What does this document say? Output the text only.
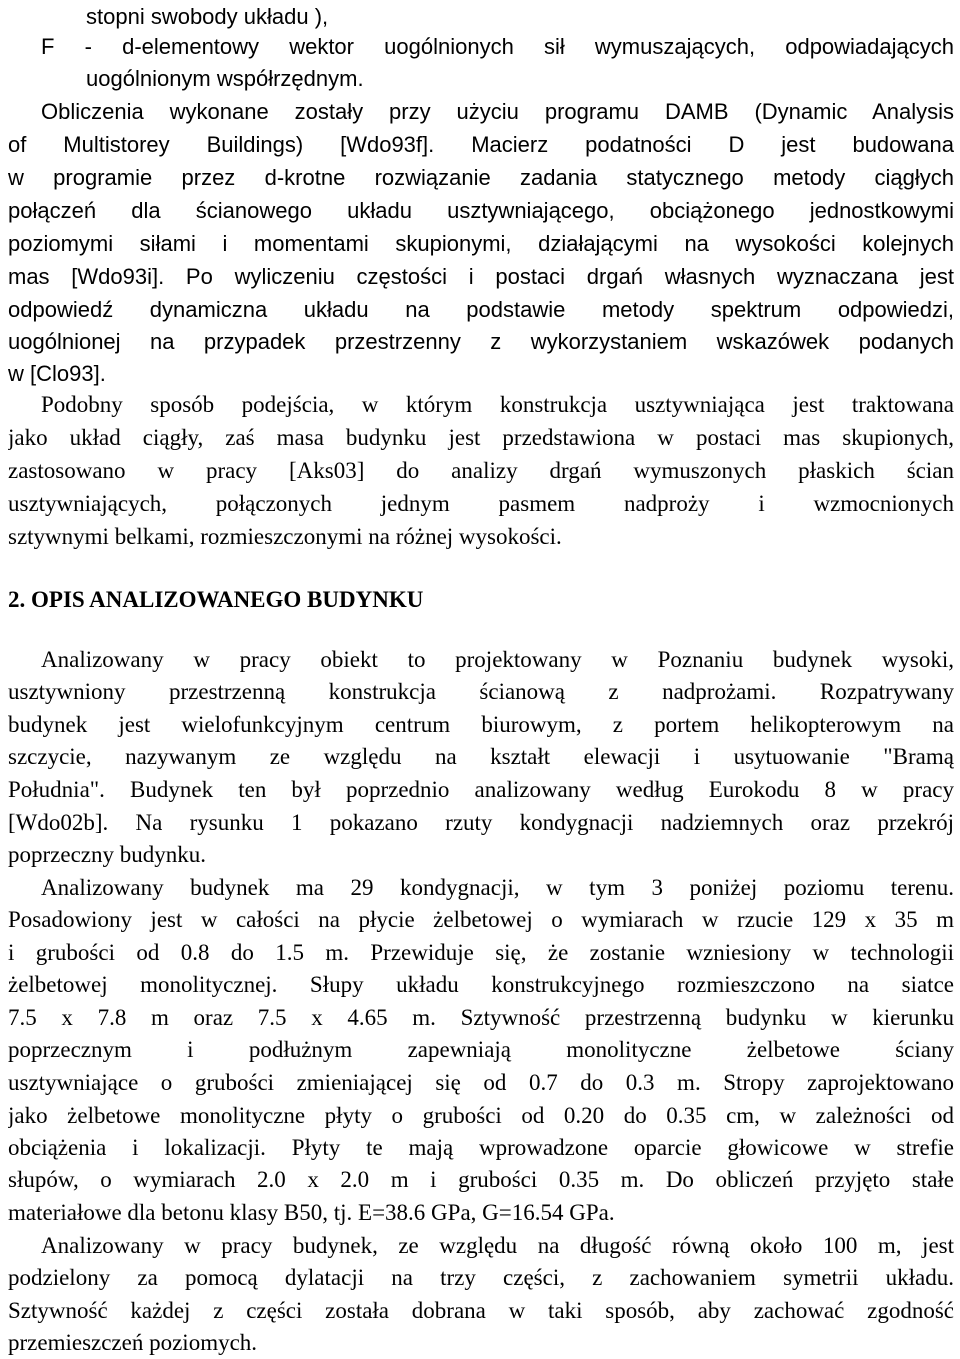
stopni swobody układu ),
F - d-elementowy wektor uogólnionych sił wymuszających, odpowiadających
uogólnionym współrzędnym.
Obliczenia wykonane zostały przy użyciu programu DAMB (Dynamic Analysis
of Multistorey Buildings) [Wdo93f]. Macierz podatności D jest budowana
w programie przez d-krotne rozwiązanie zadania statycznego metody ciągłych
połączeń dla ścianowego układu usztywniającego, obciążonego jednostkowymi
poziomymi siłami i momentami skupionymi, działającymi na wysokości kolejnych
mas [Wdo93i]. Po wyliczeniu częstości i postaci drgań własnych wyznaczana jest
odpowiedź dynamiczna układu na podstawie metody spektrum odpowiedzi,
uogólnionej na przypadek przestrzenny z wykorzystaniem wskazówek podanych
w [Clo93].
Podobny sposób podejścia, w którym konstrukcja usztywniająca jest traktowana
jako układ ciągły, zaś masa budynku jest przedstawiona w postaci mas skupionych,
zastosowano w pracy [Aks03] do analizy drgań wymuszonych płaskich ścian
usztywniających, połączonych jednym pasmem nadproży i wzmocnionych
sztywnymi belkami, rozmieszczonymi na różnej wysokości.
2. OPIS ANALIZOWANEGO BUDYNKU
Analizowany w pracy obiekt to projektowany w Poznaniu budynek wysoki,
usztywniony przestrzenną konstrukcja ścianową z nadprożami. Rozpatrywany
budynek jest wielofunkcyjnym centrum biurowym, z portem helikopterowym na
szczycie, nazywanym ze względu na kształt elewacji i usytuowanie "Bramą
Południa". Budynek ten był poprzednio analizowany według Eurokodu 8 w pracy
[Wdo02b]. Na rysunku 1 pokazano rzuty kondygnacji nadziemnych oraz przekrój
poprzeczny budynku.
Analizowany budynek ma 29 kondygnacji, w tym 3 poniżej poziomu terenu.
Posadowiony jest w całości na płycie żelbetowej o wymiarach w rzucie 129 x 35 m
i grubości od 0.8 do 1.5 m. Przewiduje się, że zostanie wzniesiony w technologii
żelbetowej monolitycznej. Słupy układu konstrukcyjnego rozmieszczono na siatce
7.5 x 7.8 m oraz 7.5 x 4.65 m. Sztywność przestrzenną budynku w kierunku
poprzecznym i podłużnym zapewniają monolityczne żelbetowe ściany
usztywniające o grubości zmieniającej się od 0.7 do 0.3 m. Stropy zaprojektowano
jako żelbetowe monolityczne płyty o grubości od 0.20 do 0.35 cm, w zależności od
obciążenia i lokalizacji. Płyty te mają wprowadzone oparcie głowicowe w strefie
słupów, o wymiarach 2.0 x 2.0 m i grubości 0.35 m. Do obliczeń przyjęto stałe
materiałowe dla betonu klasy B50, tj. E=38.6 GPa, G=16.54 GPa.
Analizowany w pracy budynek, ze względu na długość równą około 100 m, jest
podzielony za pomocą dylatacji na trzy części, z zachowaniem symetrii układu.
Sztywność każdej z części została dobrana w taki sposób, aby zachować zgodność
przemieszczeń poziomych.
